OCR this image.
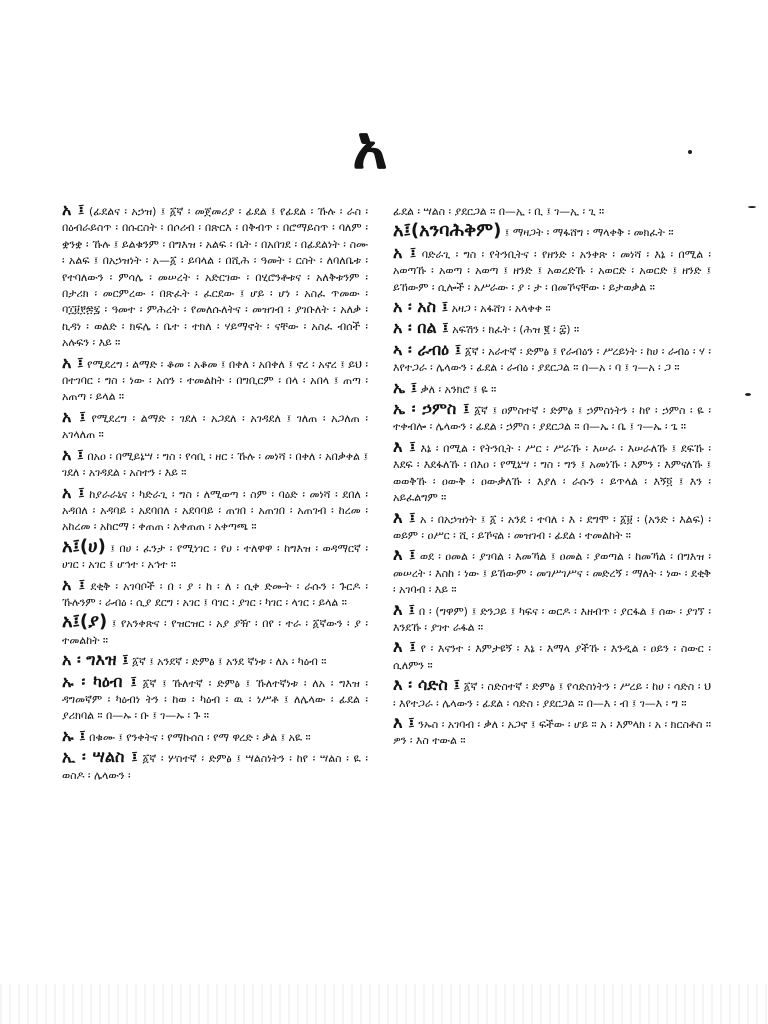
አ

አ ፤ (ፊደልና ፡ አኃዝ) ፤ ፩ኛ ፡ መጀመሪያ ፡ ፊደል ፤ የፊደል ፡ ኹሉ ፡ ራስ ፡ በዕብራይስጥ ፡ በሱርስት ፡ በሶሪብ ፡ በጽርእ ፡ በቅብጥ ፡ በሮማይስጥ ፡ ባለም ፡ ቋንቋ ፡ ኹሉ ፤ ይልቁንም ፡ በግእዝ ፡ አልፍ ፡ ቤት ፡ በአበገደ ፡ በፊደልነት ፡ ስሙ ፡ አልፍ ፤ በአኃዝነት ፡ አ—፩ ፡ ይባላል ፡ በሺሕ ፡ ዓመት ፡ ርስት ፡ ለባለቤቱ ፡ የተባለውን ፡ ምሳሌ ፡ መሠረት ፡ አድርገው ፡ በሂሮንቶቱና ፡ አለቅቱንም ፡ በታሪክ ፡ መርምረው ፡ በጽፈት ፡ ፈርደው ፤ ሆይ ፡ ሆነ ፡ አስፈ ጥመው ፡ ባ፲፱፻፷፯ ፡ ዓመተ ፡ ምሕረት ፡ የመለሱለትና ፡ መዝገብ ፡ ያገቡለት ፡ አለቃ ፡ ኪዳነ ፡ ወልድ ፡ ክፍሌ ፡ ቤተ ፡ ተክለ ፡ ሃይማኖት ፡ ናቸው ፡ አስፈ ብሰች ፡ አሉፍን ፡ እይ ።

አ ፤ የሚደረግ ፡ ልማድ ፡ ቆመ ፡ አቆመ ፤ በቀለ ፡ አበቀለ ፤ ኖረ ፡ አኖረ ፤ ይህ ፡ በተገባር ፡ ግስ ፡ ነው ፡ አሰን ፡ ተመልከት ፡ በግቢርም ፡ በላ ፡ አበላ ፤ ጠጣ ፡ አጠጣ ፡ ይላል ።

አ ፤ የሚደረግ ፡ ልማድ ፡ ገደለ ፡ አጋደለ ፡ አገዳደለ ፤ ገለጠ ፡ አጋለጠ ፡ አገላለጠ ።

አ ፤ በአዐ ፡ በሚይኔሣ ፡ ግስ ፡ የሳቢ ፡ ዘር ፡ ኹሉ ፡ መነሻ ፡ በቀለ ፡ አበቃቀል ፤ ገደለ ፡ አገዳደል ፡ አስተን ፡ እይ ።

አ ፤ ከያራራኒና ፡ ካድራጊ ፡ ግስ ፡ ለሚወጣ ፡ ስም ፡ ባዕድ ፡ መነሻ ፡ ደበለ ፡ አዳበለ ፡ አዳባይ ፡ አደባበለ ፡ አደባባይ ፡ ጠገበ ፡ አጠገበ ፡ አጠገብ ፡ ከረመ ፡ አከረመ ፡ አከርማ ፡ ቀጠጠ ፡ አቀጠጠ ፡ አቀጣጫ ።

አ፤(ሀ) ፤ በሀ ፡ ፈንታ ፡ የሚነገር ፡ የሀ ፡ ተለዋዋ ፡ ከግእዝ ፡ ወዳማርኛ ፡ ሀገር ፡ አገር ፤ ሆኅተ ፡ አኅተ ።

አ ፤ ደቂቅ ፡ አገባቦች ፡ በ ፡ ያ ፡ ከ ፡ ለ ፡ ሲቀ ድሙት ፡ ራሱን ፡ ጉርዶ ፡ ኹሉንም ፡ ራብዕ ፡ ሲያ ደርግ ፡ አገር ፤ ባገር ፡ ያገር ፡ ካገር ፡ ላገር ፡ ይላል ።

አ፤(ያ) ፤ የአንቀጽና ፡ የዝርዝር ፡ አያ ያዥ ፡ በየ ፡ ተራ ፡ ፩ኛውን ፡ ያ ፡ ተመልከት ።

አ ፡ ግእዝ ፤ ፩ኛ ፤ አንደኛ ፡ ድምፅ ፤ አንደ ኛነቱ ፡ ለአ ፡ ካዕብ ።

ኡ ፡ ካዕብ ፤ ፩ኛ ፤ ኹለተኛ ፡ ድምፅ ፤ ኹለተኛነቱ ፡ ለአ ፡ ግእዝ ፡ ዳግመኛም ፡ ካዕብነ ትን ፡ ከወ ፡ ካዕብ ፡ ዉ ፡ ነሥቶ ፤ ለሌላው ፡ ፊደል ፡ ያሪክባል ። በ—ኡ ፡ ቡ ፤ ገ—ኡ ፡ ጉ ።

ኡ ፤ በቁሙ ፤ የንቀትና ፡ የማኩሰስ ፡ የማ ዋረድ ፡ ቃል ፤ አዪ ።

ኢ ፡ ሣልስ ፤ ፩ኛ ፡ ሦስተኛ ፡ ድምፅ ፤ ሣልስነትን ፡ ከየ ፡ ሣልስ ፡ ዪ ፡ ወስዶ ፡ ሌላውን ፡

ፊደል ፡ ሣልስ ፡ ያደርጋል ። በ—ኢ ፡ ቢ ፤ ገ—ኢ ፡ ጊ ።

አ፤(አንባሕቅም) ፤ ማዛጋት ፡ ማፋሸግ ፡ ማላቀቅ ፡ መክፈት ።

አ ፤ ባድራጊ ፡ ግስ ፡ የትንቢትና ፡ የዘንድ ፡ አንቀጽ ፡ መነሻ ፡ እኔ ፡ በሚል ፡ አወጣኹ ፡ አወጣ ፡ አወጣ ፤ ዘንድ ፤ አወረድኹ ፡ አወርድ ፡ አወርድ ፤ ዘንድ ፤ ይኸውም ፡ ሲሎች ፡ አሥራው ፡ ያ ፡ ታ ፡ በመኾናቸው ፡ ይታወቃል ።

አ ፡ አስ ፤ አዛጋ ፡ አፋሸገ ፡ አላቀቀ ።

አ ፡ በል ፤ አፍሽን ፡ ክፈት ፡ (ሕዝ ፪ ፡ ፰) ።

ኣ ፡ ራብዕ ፤ ፩ኛ ፡ አራተኛ ፡ ድምፅ ፤ የራብዕን ፡ ሥረይነት ፡ ከሀ ፡ ራብዕ ፡ ሃ ፡ እየተጋራ ፡ ሌላውን ፡ ፊደል ፡ ራብዕ ፡ ያደርጋል ። በ—አ ፡ ባ ፤ ገ—አ ፡ ጋ ።

ኤ ፤ ቃለ ፡ አንክሮ ፤ ዬ ።

ኤ ፡ ኃምስ ፤ ፩ኛ ፤ ዐምስተኛ ፡ ድምፅ ፤ ኃምስነትን ፡ ከየ ፡ ኃምስ ፡ ዬ ፡ ተቀብሎ ፡ ሌላውን ፡ ፊደል ፡ ኃምስ ፡ ያደርጋል ። በ—ኤ ፡ ቤ ፤ ገ—ኤ ፡ ጌ ።

እ ፤ እኔ ፡ በሚል ፡ የትንቢት ፡ ሥር ፡ ሥራኹ ፡ እሠራ ፡ እሠራለኹ ፤ ደፍኹ ፡ እደፍ ፡ እደፋለኹ ፡ በእዐ ፡ የሚኒሣ ፡ ግስ ፡ ግን ፤ አመነኹ ፡ እምን ፡ እምናለኹ ፤ ወወቅኹ ፡ ዐውቅ ፡ ዐውቃለኹ ፡ እያለ ፡ ራሱን ፡ ይጥላል ፡ እኝ፬ ፤ እን ፡ አይፈልግም ።

እ ፤ አ ፡ በአኃዝነት ፤ ፩ ፡ አንደ ፡ ተባለ ፡ እ ፡ ደግሞ ፡ ፩፱ ፡ (አንድ ፡ እልፍ) ፡ ወይም ፡ ዐሥር ፡ ሺ ፡ ይኾናል ፡ መዝገብ ፡ ፊደል ፡ ተመልከት ።

እ ፤ ወደ ፡ ዐመል ፡ ያገባል ፡ እመኻል ፤ ዐመል ፡ ያወጣል ፡ ከመኻል ፡ በግእዝ ፡ መሠረት ፡ እስከ ፡ ነው ፤ ይኸውም ፡ መገሥገሥና ፡ መድረኝ ፡ ማለት ፡ ነው ፡ ደቂቅ ፡ አገባብ ፡ እይ ።

እ ፤ በ ፡ (ግዋም) ፤ ድንጋይ ፤ ካፍና ፡ ወርዶ ፡ እዘብጥ ፡ ያርፋል ፤ ሰው ፡ ያገኘ ፡ እንደኹ ፡ ያገተ ራፋል ።

እ ፤ የ ፡ እናንተ ፡ እምታዩኝ ፡ እኔ ፡ እማላ ያችኹ ፡ እንዲል ፡ ዐይን ፡ ስውር ፡ ሲለምን ።

እ ፡ ሳድስ ፤ ፩ኛ ፡ ስድስተኛ ፡ ድምፅ ፤ የሳድስነትን ፡ ሥረይ ፡ ከሀ ፡ ሳድስ ፡ ህ ፡ እየተጋራ ፡ ሌላውን ፡ ፊደል ፡ ሳድስ ፡ ያደርጋል ። በ—እ ፡ ብ ፤ ገ—እ ፡ ግ ።

እ ፤ ንኡስ ፡ አገባብ ፡ ቃለ ፡ አጋኖ ፤ ፍችው ፡ ሆይ ። አ ፡ እምላክ ፡ አ ፡ ክርስቶስ ። ዎን ፡ እስ ተውል ።
